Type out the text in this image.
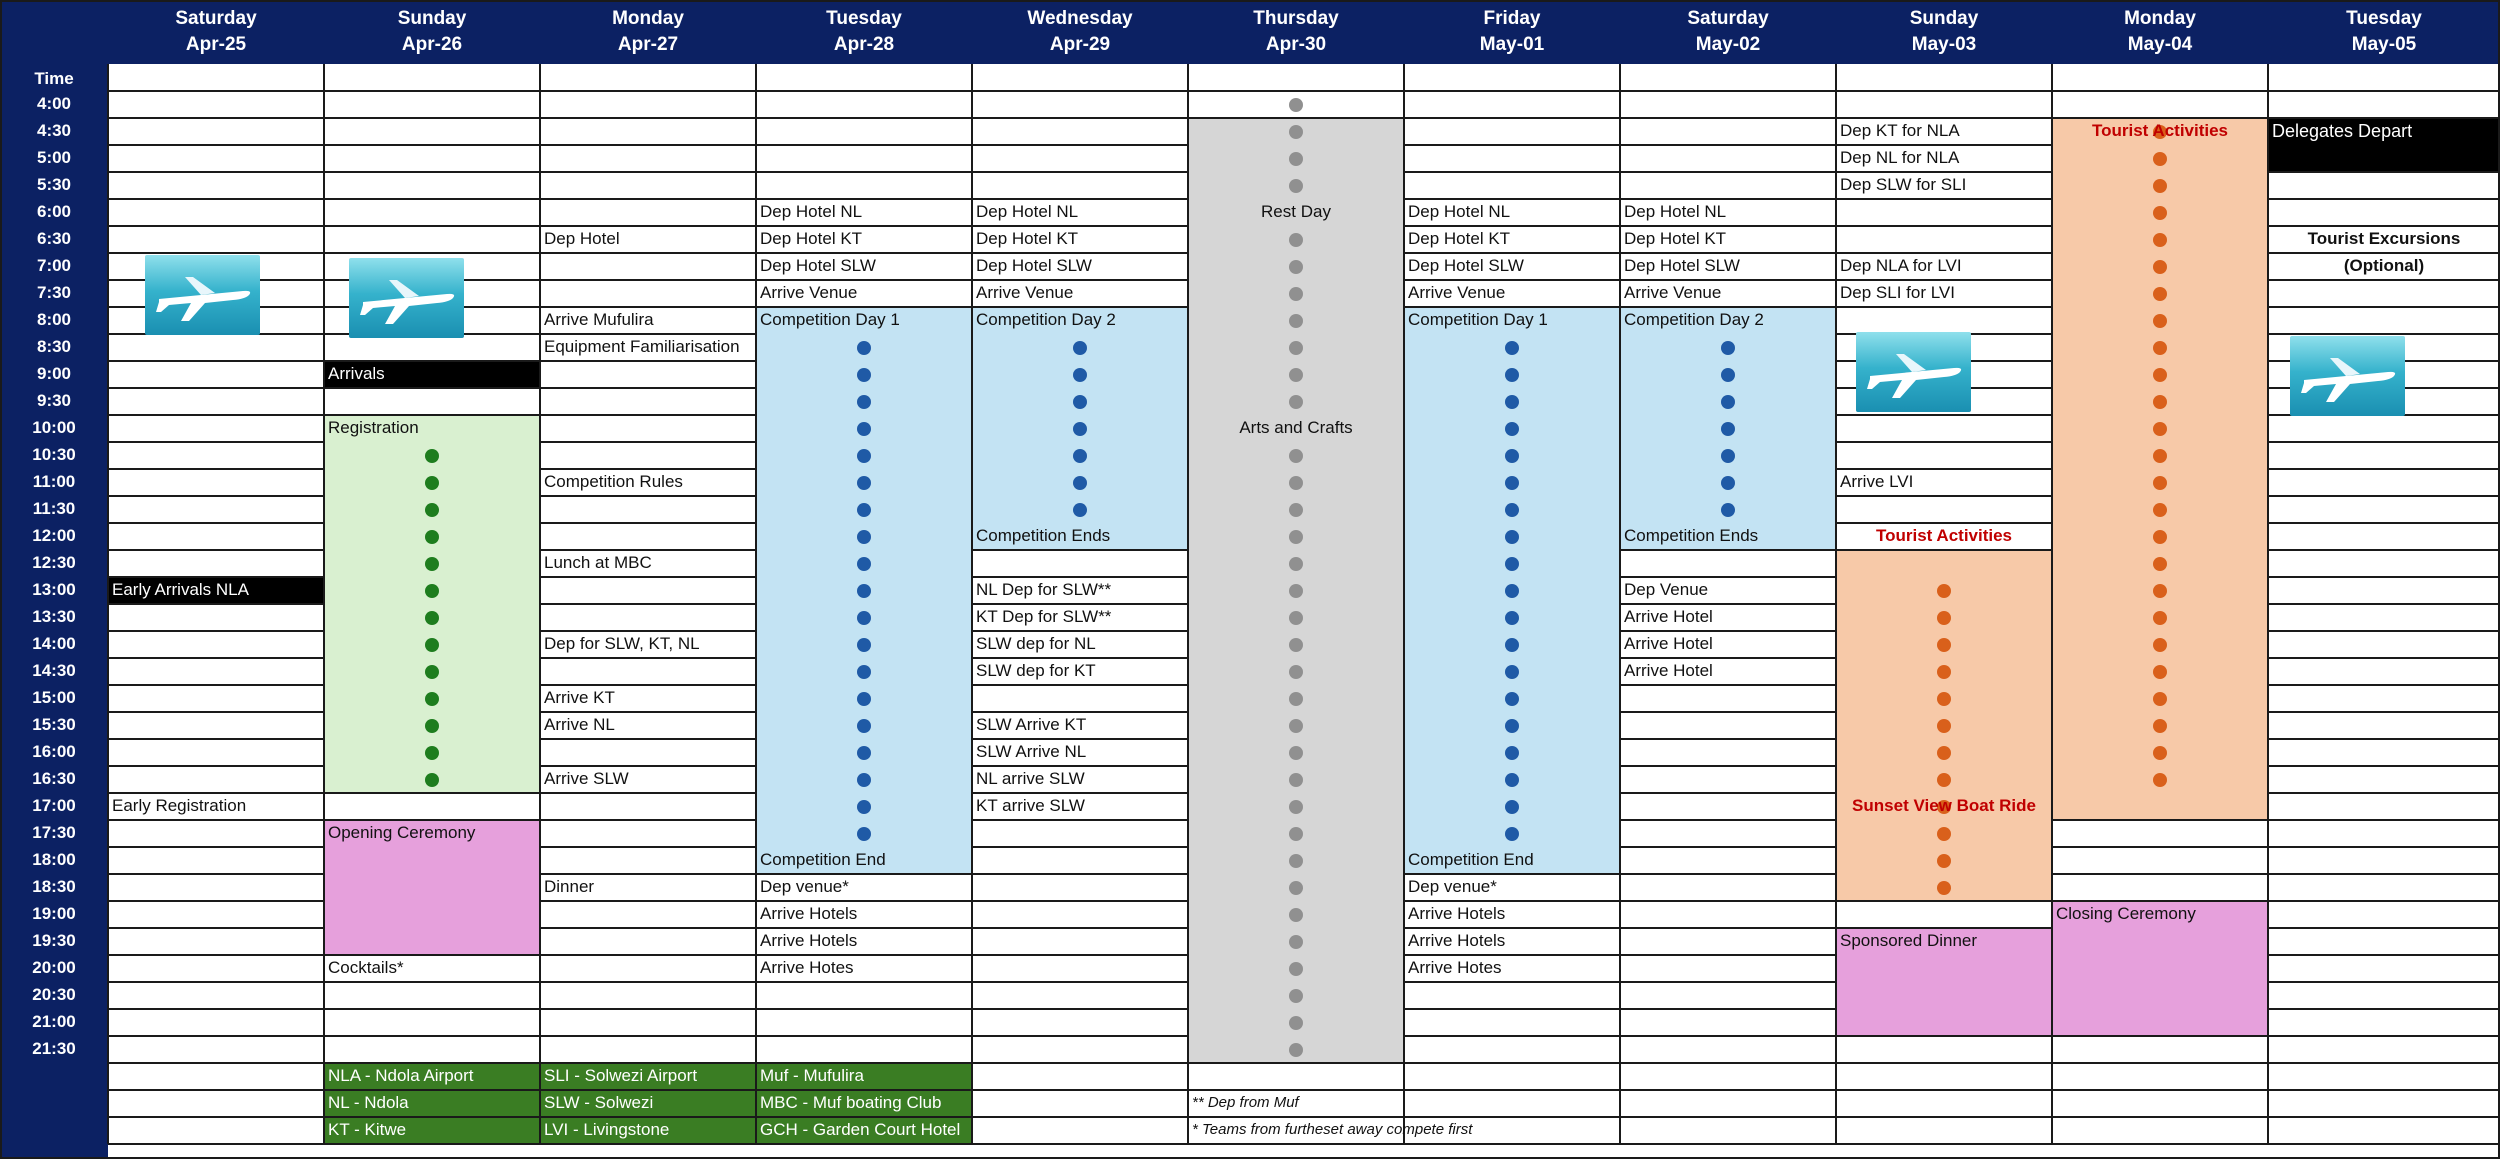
Time
4:00
4:30
5:00
5:30
6:00
6:30
7:00
7:30
8:00
8:30
9:00
9:30
10:00
10:30
11:00
11:30
12:00
12:30
13:00
13:30
14:00
14:30
15:00
15:30
16:00
16:30
17:00
17:30
18:00
18:30
19:00
19:30
20:00
20:30
21:00
21:30
Saturday
Apr-25
Sunday
Apr-26
Monday
Apr-27
Tuesday
Apr-28
Wednesday
Apr-29
Thursday
Apr-30
Friday
May-01
Saturday
May-02
Sunday
May-03
Monday
May-04
Tuesday
May-05
Early Arrivals NLA
Early Registration
Arrivals
Registration
Opening Ceremony
Cocktails*
Dep Hotel
Arrive Mufulira
Equipment Familiarisation
Competition Rules
Lunch at MBC
Dep for SLW, KT, NL
Arrive KT
Arrive NL
Arrive SLW
Dinner
Dep Hotel NL
Dep Hotel KT
Dep Hotel SLW
Arrive Venue
Competition Day 1
Competition End
Dep venue*
Arrive Hotels
Arrive Hotels
Arrive Hotes
Dep Hotel NL
Dep Hotel KT
Dep Hotel SLW
Arrive Venue
Competition Day 2
Competition Ends
NL Dep for SLW**
KT Dep for SLW**
SLW dep for NL
SLW dep for KT
SLW Arrive KT
SLW Arrive NL
NL arrive SLW
KT arrive SLW
Rest Day
Arts and Crafts
** Dep from Muf
* Teams from furtheset away compete first
Dep Hotel NL
Dep Hotel KT
Dep Hotel SLW
Arrive Venue
Competition Day 1
Competition End
Dep venue*
Arrive Hotels
Arrive Hotels
Arrive Hotes
Dep Hotel NL
Dep Hotel KT
Dep Hotel SLW
Arrive Venue
Competition Day 2
Competition Ends
Dep Venue
Arrive Hotel
Arrive Hotel
Arrive Hotel
Dep KT for NLA
Dep NL for NLA
Dep SLW for SLI
Dep NLA for LVI
Dep SLI for LVI
Arrive LVI
Tourist Activities
Sunset View Boat Ride
Sponsored Dinner
Tourist Activities
Closing Ceremony
Delegates Depart
Tourist Excursions
(Optional)
NLA - Ndola Airport
NL - Ndola
KT - Kitwe
SLI - Solwezi Airport
SLW - Solwezi
LVI - Livingstone
Muf - Mufulira
MBC - Muf boating Club
GCH - Garden Court Hotel
